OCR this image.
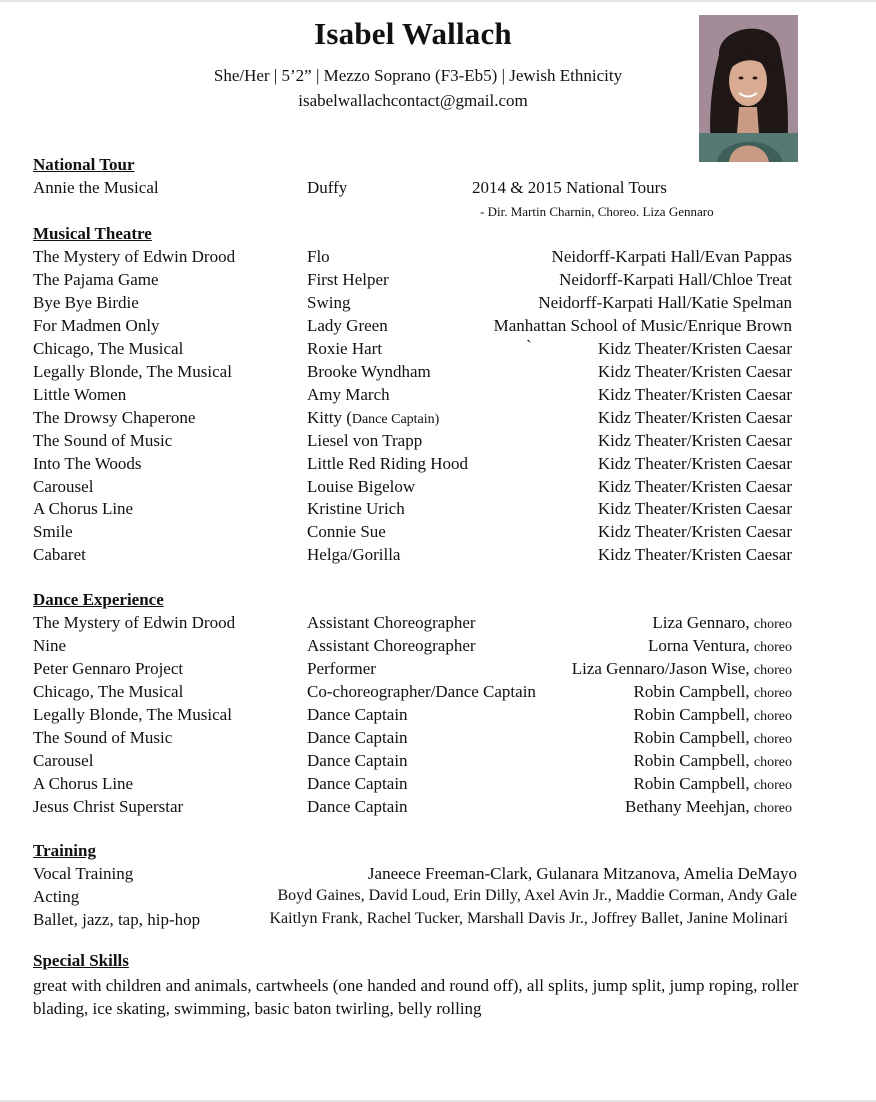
Isabel Wallach
She/Her | 5’2” | Mezzo Soprano (F3-Eb5) | Jewish Ethnicity
isabelwallachcontact@gmail.com
National Tour
Annie the Musical	Duffy	2014 & 2015 National Tours
- Dir. Martin Charnin, Choreo. Liza Gennaro
Musical Theatre
The Mystery of Edwin Drood	Flo	Neidorff-Karpati Hall/Evan Pappas
The Pajama Game	First Helper	Neidorff-Karpati Hall/Chloe Treat
Bye Bye Birdie	Swing	Neidorff-Karpati Hall/Katie Spelman
For Madmen Only	Lady Green	Manhattan School of Music/Enrique Brown
Chicago, The Musical	Roxie Hart	Kidz Theater/Kristen Caesar
Legally Blonde, The Musical	Brooke Wyndham	Kidz Theater/Kristen Caesar
Little Women	Amy March	Kidz Theater/Kristen Caesar
The Drowsy Chaperone	Kitty (Dance Captain)	Kidz Theater/Kristen Caesar
The Sound of Music	Liesel von Trapp	Kidz Theater/Kristen Caesar
Into The Woods	Little Red Riding Hood	Kidz Theater/Kristen Caesar
Carousel	Louise Bigelow	Kidz Theater/Kristen Caesar
A Chorus Line	Kristine Urich	Kidz Theater/Kristen Caesar
Smile	Connie Sue	Kidz Theater/Kristen Caesar
Cabaret	Helga/Gorilla	Kidz Theater/Kristen Caesar
`
Dance Experience
The Mystery of Edwin Drood	Assistant Choreographer	Liza Gennaro, choreo
Nine	Assistant Choreographer	Lorna Ventura, choreo
Peter Gennaro Project	Performer	Liza Gennaro/Jason Wise, choreo
Chicago, The Musical	Co-choreographer/Dance Captain	Robin Campbell, choreo
Legally Blonde, The Musical	Dance Captain	Robin Campbell, choreo
The Sound of Music	Dance Captain	Robin Campbell, choreo
Carousel	Dance Captain	Robin Campbell, choreo
A Chorus Line	Dance Captain	Robin Campbell, choreo
Jesus Christ Superstar	Dance Captain	Bethany Meehjan, choreo
Training
Vocal Training	Janeece Freeman-Clark, Gulanara Mitzanova, Amelia DeMayo
Acting	Boyd Gaines, David Loud, Erin Dilly, Axel Avin Jr., Maddie Corman, Andy Gale
Ballet, jazz, tap, hip-hop	Kaitlyn Frank, Rachel Tucker, Marshall Davis Jr., Joffrey Ballet, Janine Molinari
Special Skills
great with children and animals, cartwheels (one handed and round off), all splits, jump split, jump roping, roller blading, ice skating, swimming, basic baton twirling, belly rolling
